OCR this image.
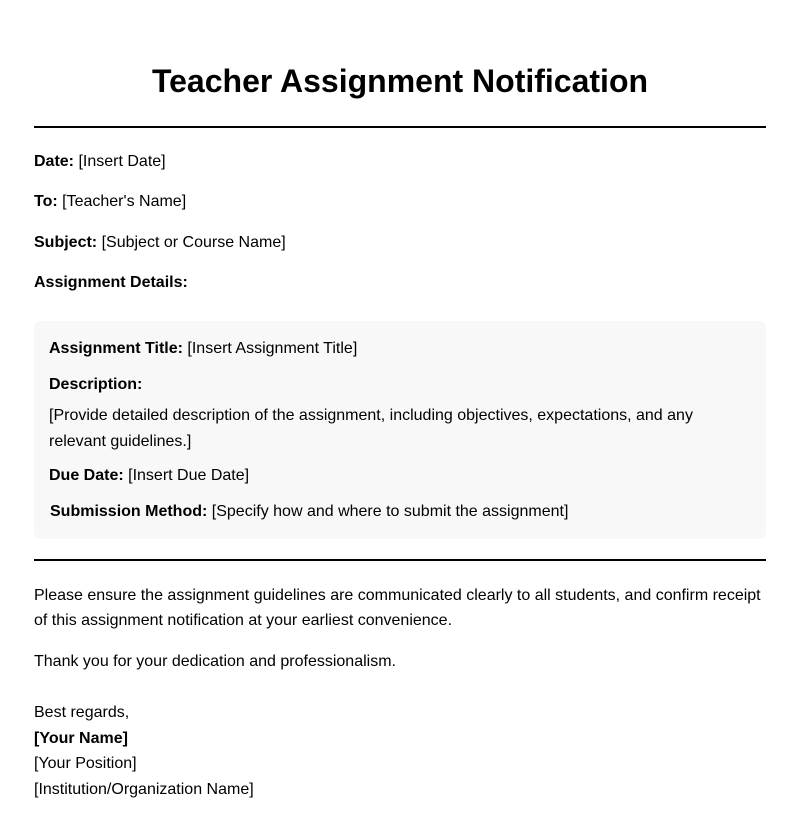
Teacher Assignment Notification
Date: [Insert Date]
To: [Teacher's Name]
Subject: [Subject or Course Name]
Assignment Details:
Assignment Title: [Insert Assignment Title]
Description:
[Provide detailed description of the assignment, including objectives, expectations, and any relevant guidelines.]
Due Date: [Insert Due Date]
Submission Method: [Specify how and where to submit the assignment]
Please ensure the assignment guidelines are communicated clearly to all students, and confirm receipt of this assignment notification at your earliest convenience.
Thank you for your dedication and professionalism.
Best regards,
[Your Name]
[Your Position]
[Institution/Organization Name]
